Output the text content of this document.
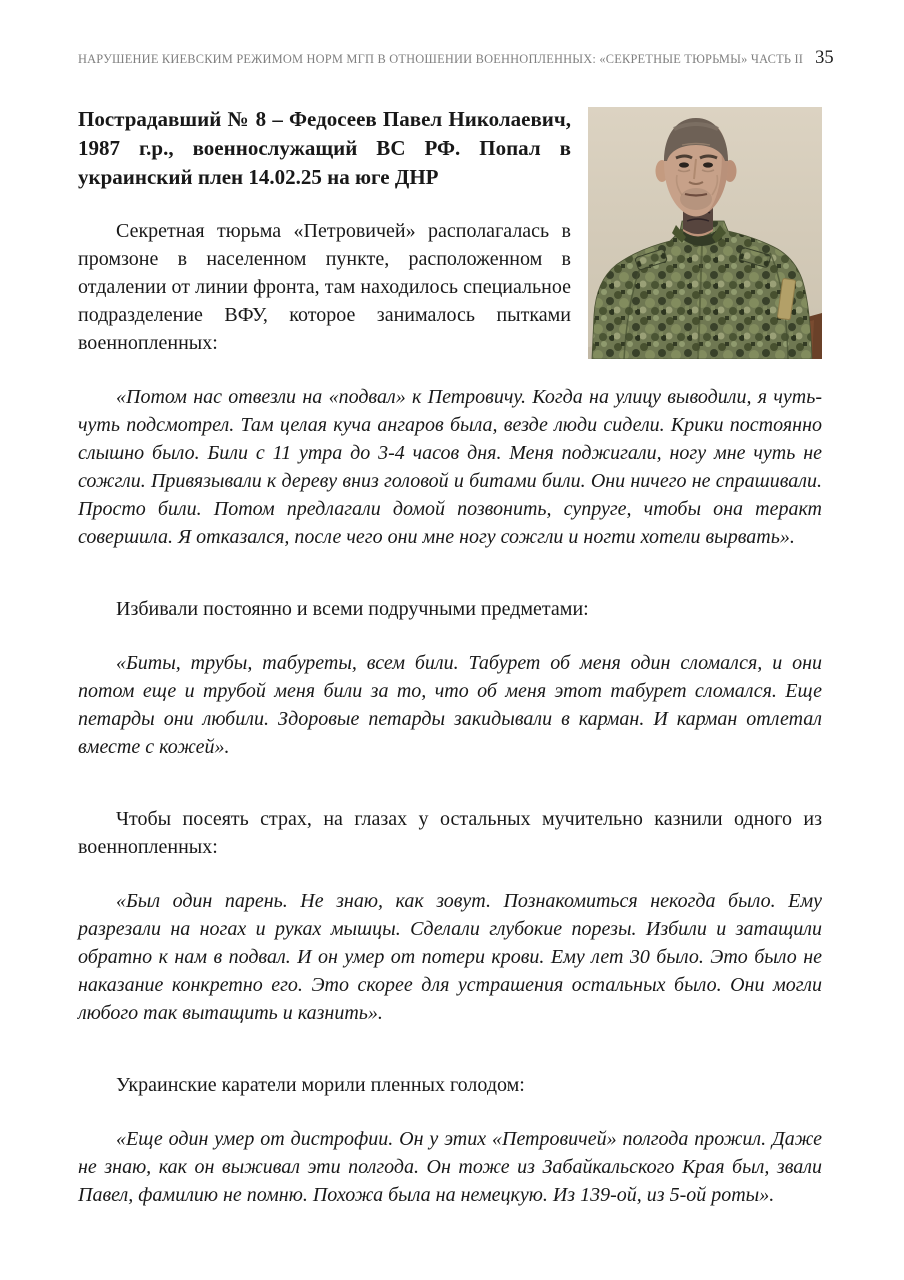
НАРУШЕНИЕ КИЕВСКИМ РЕЖИМОМ НОРМ МГП В ОТНОШЕНИИ ВОЕННОПЛЕННЫХ: «СЕКРЕТНЫЕ ТЮРЬМЫ» ЧАСТЬ II 35
Пострадавший № 8 – Федосеев Павел Николаевич, 1987 г.р., военнослужащий ВС РФ. Попал в украинский плен 14.02.25 на юге ДНР

Секретная тюрьма «Петровичей» располагалась в промзоне в населенном пункте, расположенном в отдалении от линии фронта, там находилось специальное подразделение ВФУ, которое занималось пытками военнопленных:

«Потом нас отвезли на «подвал» к Петровичу. Когда на улицу выводили, я чуть-чуть подсмотрел. Там целая куча ангаров была, везде люди сидели. Крики постоянно слышно было. Били с 11 утра до 3-4 часов дня. Меня поджигали, ногу мне чуть не сожгли. Привязывали к дереву вниз головой и битами били. Они ничего не спрашивали. Просто били. Потом предлагали домой позвонить, супруге, чтобы она теракт совершила. Я отказался, после чего они мне ногу сожгли и ногти хотели вырвать».

Избивали постоянно и всеми подручными предметами:

«Биты, трубы, табуреты, всем били. Табурет об меня один сломался, и они потом еще и трубой меня били за то, что об меня этот табурет сломался. Еще петарды они любили. Здоровые петарды закидывали в карман. И карман отлетал вместе с кожей».

Чтобы посеять страх, на глазах у остальных мучительно казнили одного из военнопленных:

«Был один парень. Не знаю, как зовут. Познакомиться некогда было. Ему разрезали на ногах и руках мышцы. Сделали глубокие порезы. Избили и затащили обратно к нам в подвал. И он умер от потери крови. Ему лет 30 было. Это было не наказание конкретно его. Это скорее для устрашения остальных было. Они могли любого так вытащить и казнить».

Украинские каратели морили пленных голодом:

«Еще один умер от дистрофии. Он у этих «Петровичей» полгода прожил. Даже не знаю, как он выживал эти полгода. Он тоже из Забайкальского Края был, звали Павел, фамилию не помню. Похожа была на немецкую. Из 139-ой, из 5-ой роты».
